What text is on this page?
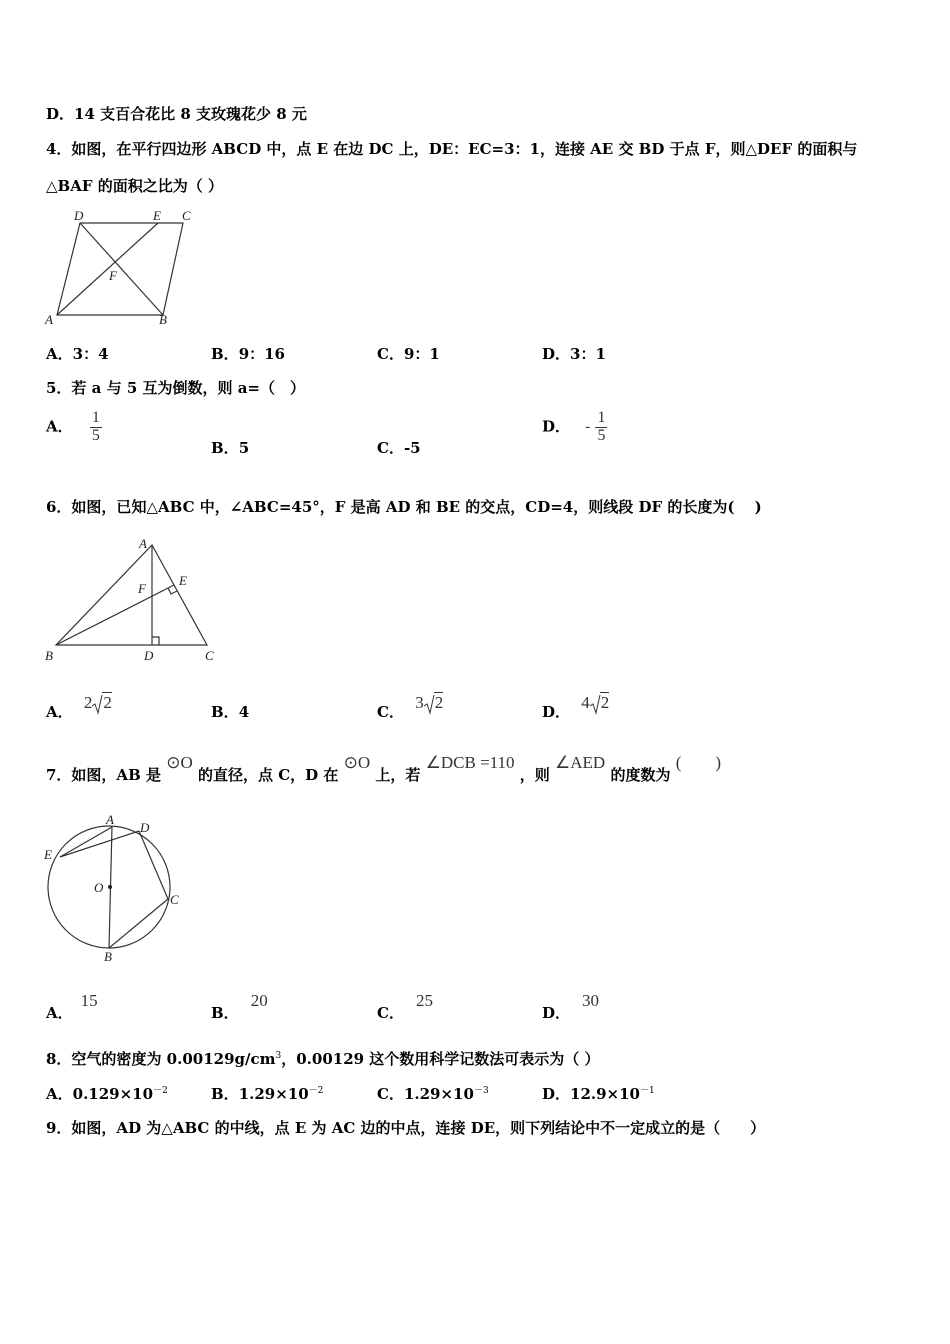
D．14 支百合花比 8 支玫瑰花少 8 元
4．如图，在平行四边形 ABCD 中，点 E 在边 DC 上，DE：EC=3：1，连接 AE 交 BD 于点 F，则△DEF 的面积与
△BAF 的面积之比为（ ）
D	E C
F
A	B
A．3：4	B．9：16	C．9：1	D．3：1
5．若 a 与 5 互为倒数，则 a=（　）
A． $\frac{1}{5}$
B．5	C．-5
D． - $\frac{1}{5}$
6．如图，已知△ABC 中，∠ABC=45°，F 是高 AD 和 BE 的交点，CD=4，则线段 DF 的长度为(　 )
A
F
E
B	D	C
A． 2 2	B．4	C． 3 2	D． 4 2
7．如图，AB 是 ⊙O 的直径，点 C，D 在 ⊙O 上，若 ∠DCB =110 ，则 ∠AED 的度数为 (　　)
A
D
E
O
C
B
A．15
B．20
C．25
D．30
8．空气的密度为 $0.00129g/cm^3$，0.00129 这个数用科学记数法可表示为（ ）
A．$0.129\times 10^{-2}$	B．$1.29\times 10^{-2}$	C．$1.29\times 10^{-3}$	D．$12.9\times 10^{-1}$
9．如图，AD 为△ABC 的中线，点 E 为 AC 边的中点，连接 DE，则下列结论中不一定成立的是（　　）
